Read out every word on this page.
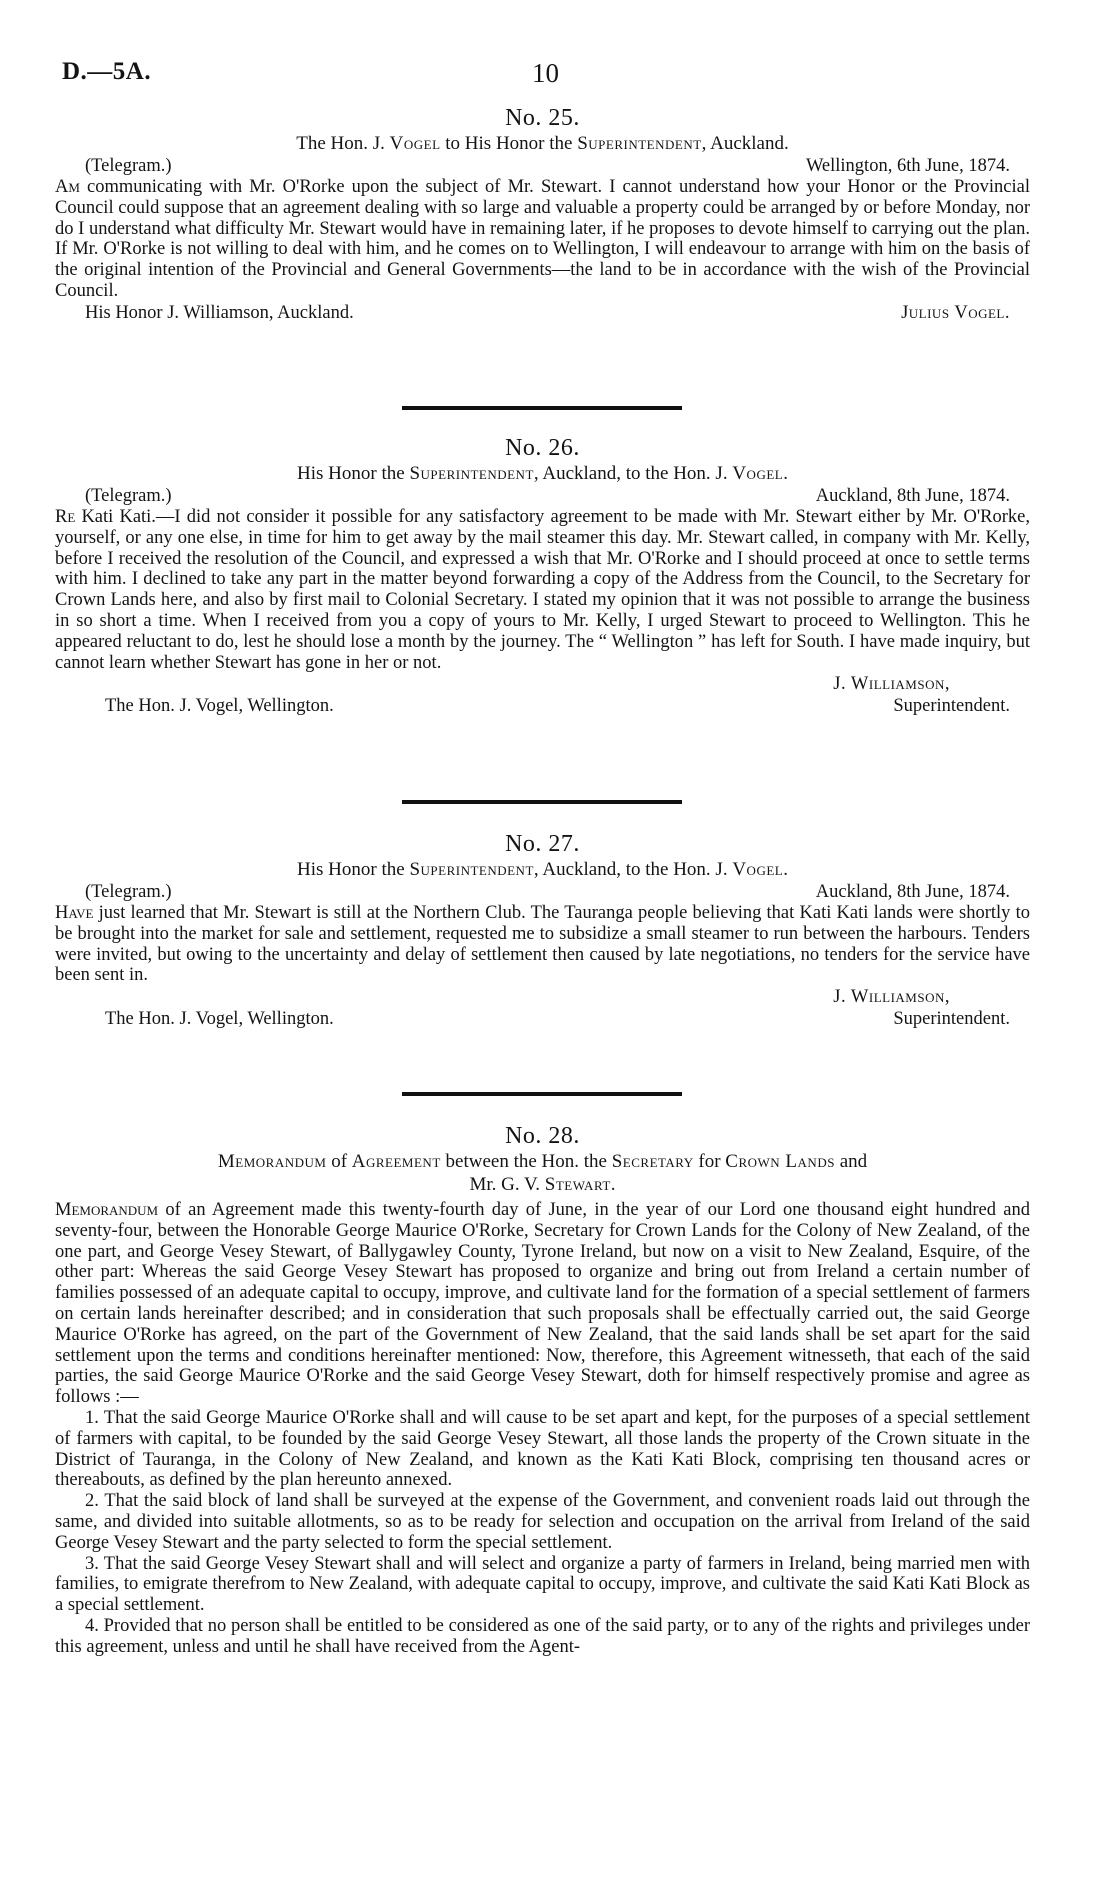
D.—5A.	10
No. 25.
The Hon. J. Vogel to His Honor the Superintendent, Auckland.
(Telegram.)	Wellington, 6th June, 1874.

Am communicating with Mr. O'Rorke upon the subject of Mr. Stewart. I cannot understand how your Honor or the Provincial Council could suppose that an agreement dealing with so large and valuable a property could be arranged by or before Monday, nor do I understand what difficulty Mr. Stewart would have in remaining later, if he proposes to devote himself to carrying out the plan. If Mr. O'Rorke is not willing to deal with him, and he comes on to Wellington, I will endeavour to arrange with him on the basis of the original intention of the Provincial and General Governments—the land to be in accordance with the wish of the Provincial Council.

His Honor J. Williamson, Auckland.	Julius Vogel.
No. 26.
His Honor the Superintendent, Auckland, to the Hon. J. Vogel.
(Telegram.)	Auckland, 8th June, 1874.

Re Kati Kati.—I did not consider it possible for any satisfactory agreement to be made with Mr. Stewart either by Mr. O'Rorke, yourself, or any one else, in time for him to get away by the mail steamer this day. Mr. Stewart called, in company with Mr. Kelly, before I received the resolution of the Council, and expressed a wish that Mr. O'Rorke and I should proceed at once to settle terms with him. I declined to take any part in the matter beyond forwarding a copy of the Address from the Council, to the Secretary for Crown Lands here, and also by first mail to Colonial Secretary. I stated my opinion that it was not possible to arrange the business in so short a time. When I received from you a copy of yours to Mr. Kelly, I urged Stewart to proceed to Wellington. This he appeared reluctant to do, lest he should lose a month by the journey. The “ Wellington ” has left for South. I have made inquiry, but cannot learn whether Stewart has gone in her or not.

J. Williamson,
The Hon. J. Vogel, Wellington.	Superintendent.
No. 27.
His Honor the Superintendent, Auckland, to the Hon. J. Vogel.
(Telegram.)	Auckland, 8th June, 1874.

Have just learned that Mr. Stewart is still at the Northern Club. The Tauranga people believing that Kati Kati lands were shortly to be brought into the market for sale and settlement, requested me to subsidize a small steamer to run between the harbours. Tenders were invited, but owing to the uncertainty and delay of settlement then caused by late negotiations, no tenders for the service have been sent in.

J. Williamson,
The Hon. J. Vogel, Wellington.	Superintendent.
No. 28.
Memorandum of Agreement between the Hon. the Secretary for Crown Lands and
Mr. G. V. Stewart.

Memorandum of an Agreement made this twenty-fourth day of June, in the year of our Lord one thousand eight hundred and seventy-four, between the Honorable George Maurice O'Rorke, Secretary for Crown Lands for the Colony of New Zealand, of the one part, and George Vesey Stewart, of Ballygawley County, Tyrone Ireland, but now on a visit to New Zealand, Esquire, of the other part: Whereas the said George Vesey Stewart has proposed to organize and bring out from Ireland a certain number of families possessed of an adequate capital to occupy, improve, and cultivate land for the formation of a special settlement of farmers on certain lands hereinafter described; and in consideration that such proposals shall be effectually carried out, the said George Maurice O'Rorke has agreed, on the part of the Government of New Zealand, that the said lands shall be set apart for the said settlement upon the terms and conditions hereinafter mentioned: Now, therefore, this Agreement witnesseth, that each of the said parties, the said George Maurice O'Rorke and the said George Vesey Stewart, doth for himself respectively promise and agree as follows :—

1. That the said George Maurice O'Rorke shall and will cause to be set apart and kept, for the purposes of a special settlement of farmers with capital, to be founded by the said George Vesey Stewart, all those lands the property of the Crown situate in the District of Tauranga, in the Colony of New Zealand, and known as the Kati Kati Block, comprising ten thousand acres or thereabouts, as defined by the plan hereunto annexed.

2. That the said block of land shall be surveyed at the expense of the Government, and convenient roads laid out through the same, and divided into suitable allotments, so as to be ready for selection and occupation on the arrival from Ireland of the said George Vesey Stewart and the party selected to form the special settlement.

3. That the said George Vesey Stewart shall and will select and organize a party of farmers in Ireland, being married men with families, to emigrate therefrom to New Zealand, with adequate capital to occupy, improve, and cultivate the said Kati Kati Block as a special settlement.

4. Provided that no person shall be entitled to be considered as one of the said party, or to any of the rights and privileges under this agreement, unless and until he shall have received from the Agent-
